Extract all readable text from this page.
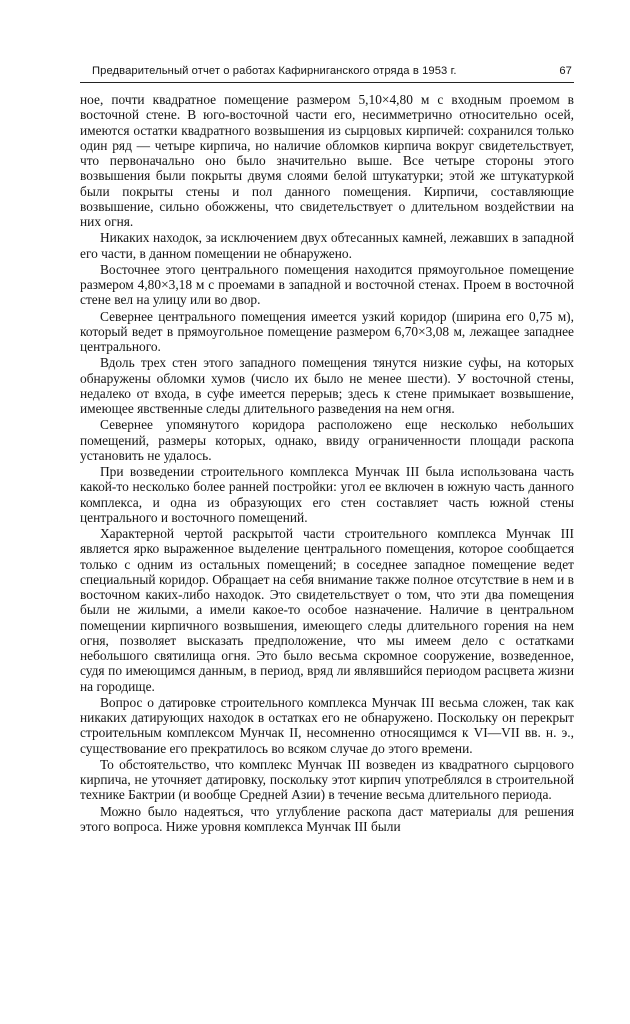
Предварительный отчет о работах Кафирниганского отряда в 1953 г.	67

ное, почти квадратное помещение размером 5,10×4,80 м с входным проемом в восточной стене. В юго-восточной части его, несимметрично относительно осей, имеются остатки квадратного возвышения из сырцовых кирпичей: сохранился только один ряд — четыре кирпича, но наличие обломков кирпича вокруг свидетельствует, что первоначально оно было значительно выше. Все четыре стороны этого возвышения были покрыты двумя слоями белой штукатурки; этой же штукатуркой были покрыты стены и пол данного помещения. Кирпичи, составляющие возвышение, сильно обожжены, что свидетельствует о длительном воздействии на них огня.

Никаких находок, за исключением двух обтесанных камней, лежавших в западной его части, в данном помещении не обнаружено.

Восточнее этого центрального помещения находится прямоугольное помещение размером 4,80×3,18 м с проемами в западной и восточной стенах. Проем в восточной стене вел на улицу или во двор.

Севернее центрального помещения имеется узкий коридор (ширина его 0,75 м), который ведет в прямоугольное помещение размером 6,70×3,08 м, лежащее западнее центрального.

Вдоль трех стен этого западного помещения тянутся низкие суфы, на которых обнаружены обломки хумов (число их было не менее шести). У восточной стены, недалеко от входа, в суфе имеется перерыв; здесь к стене примыкает возвышение, имеющее явственные следы длительного разведения на нем огня.

Севернее упомянутого коридора расположено еще несколько небольших помещений, размеры которых, однако, ввиду ограниченности площади раскопа установить не удалось.

При возведении строительного комплекса Мунчак III была использована часть какой-то несколько более ранней постройки: угол ее включен в южную часть данного комплекса, и одна из образующих его стен составляет часть южной стены центрального и восточного помещений.

Характерной чертой раскрытой части строительного комплекса Мунчак III является ярко выраженное выделение центрального помещения, которое сообщается только с одним из остальных помещений; в соседнее западное помещение ведет специальный коридор. Обращает на себя внимание также полное отсутствие в нем и в восточном каких-либо находок. Это свидетельствует о том, что эти два помещения были не жилыми, а имели какое-то особое назначение. Наличие в центральном помещении кирпичного возвышения, имеющего следы длительного горения на нем огня, позволяет высказать предположение, что мы имеем дело с остатками небольшого святилища огня. Это было весьма скромное сооружение, возведенное, судя по имеющимся данным, в период, вряд ли являвшийся периодом расцвета жизни на городище.

Вопрос о датировке строительного комплекса Мунчак III весьма сложен, так как никаких датирующих находок в остатках его не обнаружено. Поскольку он перекрыт строительным комплексом Мунчак II, несомненно относящимся к VI—VII вв. н. э., существование его прекратилось во всяком случае до этого времени.

То обстоятельство, что комплекс Мунчак III возведен из квадратного сырцового кирпича, не уточняет датировку, поскольку этот кирпич употреблялся в строительной технике Бактрии (и вообще Средней Азии) в течение весьма длительного периода.

Можно было надеяться, что углубление раскопа даст материалы для решения этого вопроса. Ниже уровня комплекса Мунчак III были
